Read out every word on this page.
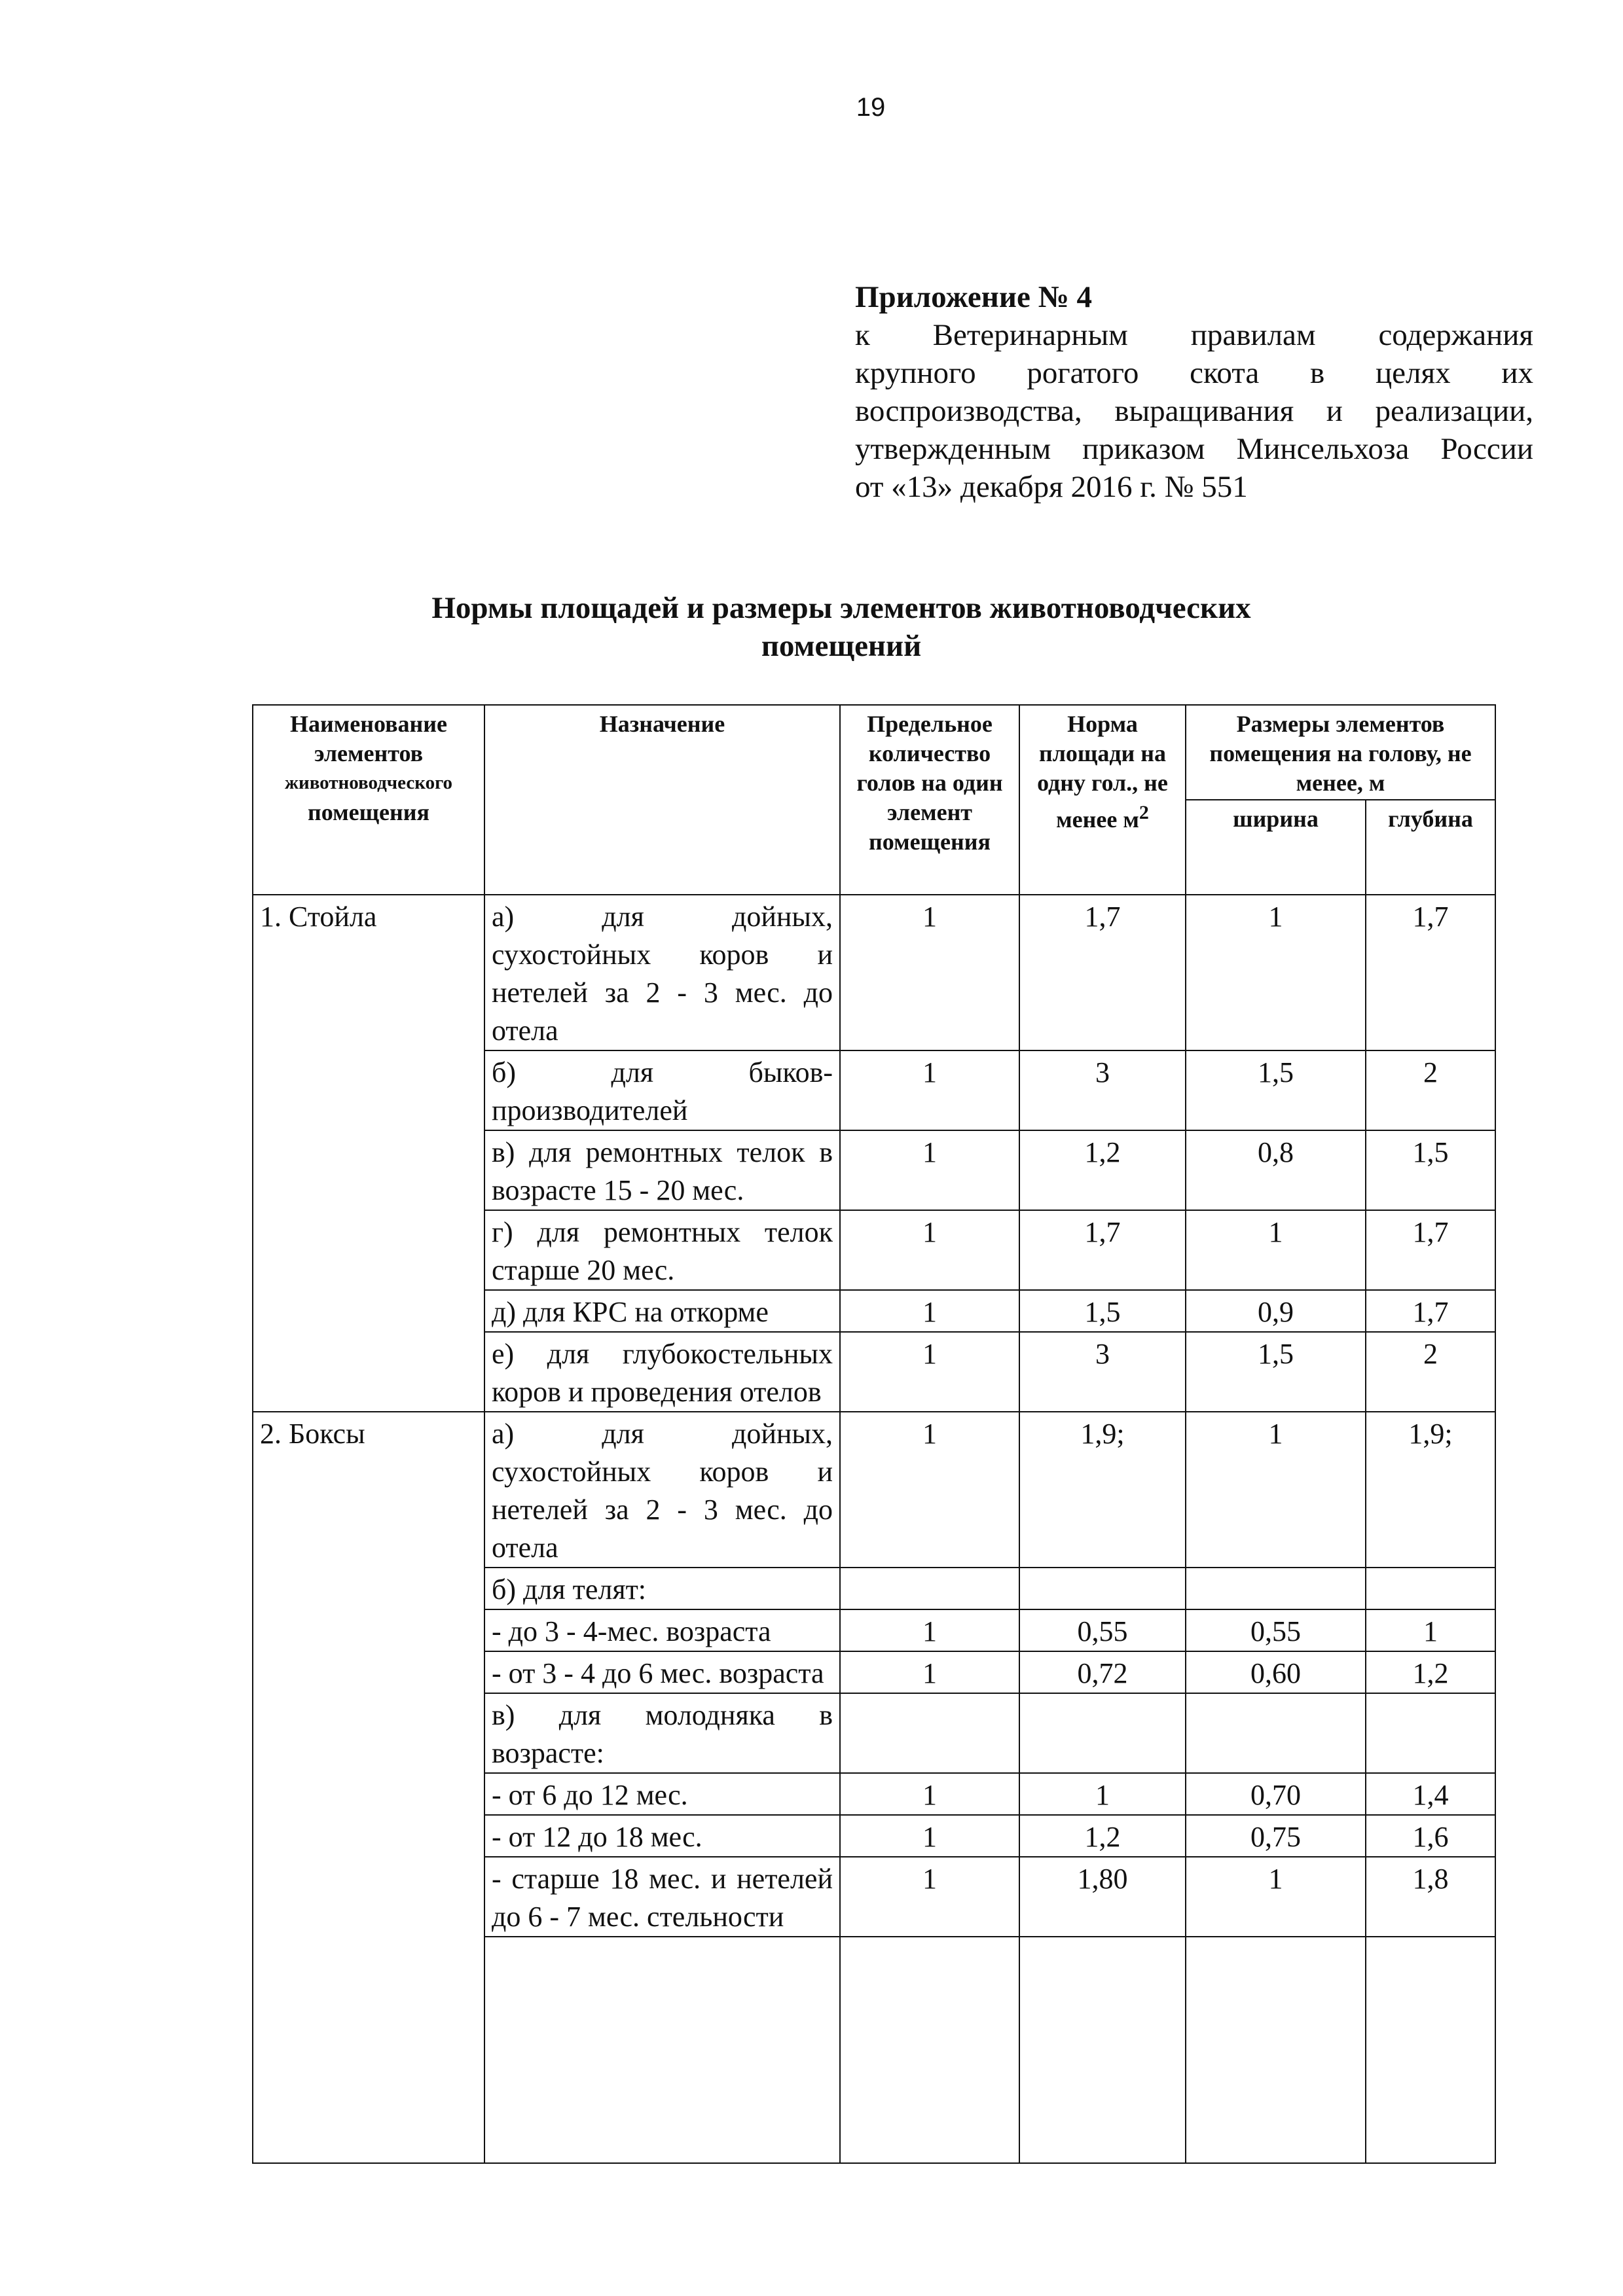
19
Приложение № 4
к Ветеринарным правилам содержания
крупного рогатого скота в целях их
воспроизводства, выращивания и реализации,
утвержденным приказом Минсельхоза России
от «13» декабря 2016 г. № 551
Нормы площадей и размеры элементов животноводческих
помещений
Наименование
элементов
животноводческого
помещения	Назначение	Предельное количество голов на один элемент помещения	Норма площади на одну гол., не менее $м^2$	Размеры элементов помещения на голову, не менее, м	
				ширина	глубина
1. Стойла	а) для дойных, сухостойных коров и нетелей за 2 - 3 мес. до отела	1	1,7	1	1,7
	б) для быков-производителей	1	3	1,5	2
	в) для ремонтных телок в возрасте 15 - 20 мес.	1	1,2	0,8	1,5
	г) для ремонтных телок старше 20 мес.	1	1,7	1	1,7
	д) для КРС на откорме	1	1,5	0,9	1,7
	е) для глубокостельных коров и проведения отелов	1	3	1,5	2
2. Боксы	а) для дойных, сухостойных коров и нетелей за 2 - 3 мес. до отела	1	1,9;	1	1,9;
	б) для телят:				
	- до 3 - 4-мес. возраста	1	0,55	0,55	1
	- от 3 - 4 до 6 мес. возраста	1	0,72	0,60	1,2
	в) для молодняка в возрасте:				
	- от 6 до 12 мес.	1	1	0,70	1,4
	- от 12 до 18 мес.	1	1,2	0,75	1,6
	- старше 18 мес. и нетелей до 6 - 7 мес. стельности	1	1,80	1	1,8
